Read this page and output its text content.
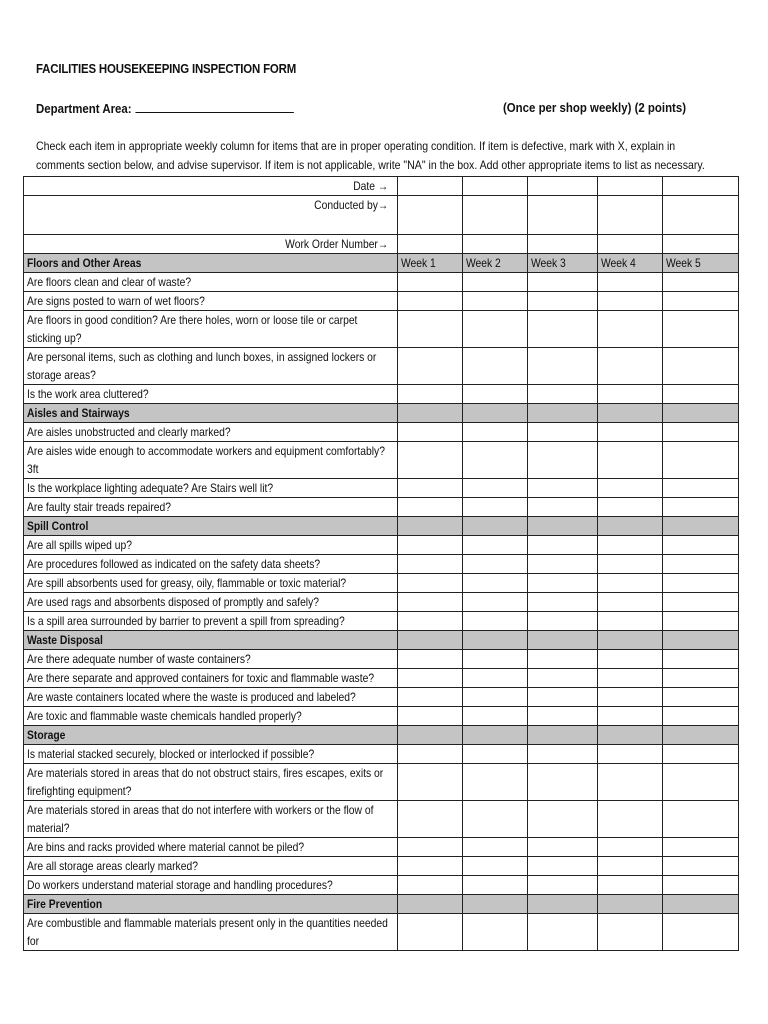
FACILITIES HOUSEKEEPING INSPECTION FORM
Department Area:	(Once per shop weekly) (2 points)
Check each item in appropriate weekly column for items that are in proper operating condition. If item is defective, mark with X, explain in comments section below, and advise supervisor. If item is not applicable, write "NA" in the box. Add other appropriate items to list as necessary.
Date →					

Conducted by→					

Work Order Number→					

Floors and Other Areas	Week 1	Week 2	Week 3	Week 4	Week 5

Are floors clean and clear of waste?					

Are signs posted to warn of wet floors?					

Are floors in good condition? Are there holes, worn or loose tile or carpet sticking up?					

Are personal items, such as clothing and lunch boxes, in assigned lockers or storage areas?					

Is the work area cluttered?					

Aisles and Stairways					

Are aisles unobstructed and clearly marked?					

Are aisles wide enough to accommodate workers and equipment comfortably? 3ft					

Is the workplace lighting adequate? Are Stairs well lit?					

Are faulty stair treads repaired?					

Spill Control					

Are all spills wiped up?					

Are procedures followed as indicated on the safety data sheets?					

Are spill absorbents used for greasy, oily, flammable or toxic material?					

Are used rags and absorbents disposed of promptly and safely?					

Is a spill area surrounded by barrier to prevent a spill from spreading?					

Waste Disposal					

Are there adequate number of waste containers?					

Are there separate and approved containers for toxic and flammable waste?					

Are waste containers located where the waste is produced and labeled?					

Are toxic and flammable waste chemicals handled properly?					

Storage					

Is material stacked securely, blocked or interlocked if possible?					

Are materials stored in areas that do not obstruct stairs, fires escapes, exits or firefighting equipment?					

Are materials stored in areas that do not interfere with workers or the flow of material?					

Are bins and racks provided where material cannot be piled?					

Are all storage areas clearly marked?					

Do workers understand material storage and handling procedures?					

Fire Prevention					

Are combustible and flammable materials present only in the quantities needed for					
